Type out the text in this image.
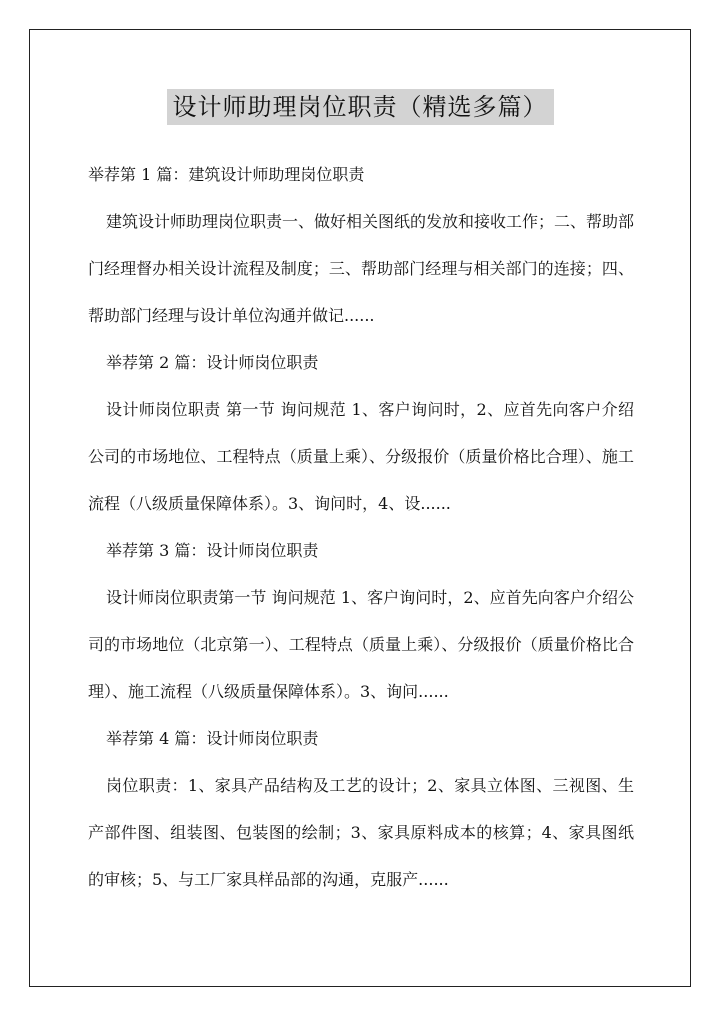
设计师助理岗位职责（精选多篇）

举荐第 1 篇：建筑设计师助理岗位职责

建筑设计师助理岗位职责一、做好相关图纸的发放和接收工作；二、帮助部门经理督办相关设计流程及制度；三、帮助部门经理与相关部门的连接；四、帮助部门经理与设计单位沟通并做记......

举荐第 2 篇：设计师岗位职责

设计师岗位职责 第一节 询问规范 1、客户询问时，2、应首先向客户介绍公司的市场地位、工程特点（质量上乘）、分级报价（质量价格比合理）、施工流程（八级质量保障体系）。3、询问时，4、设......

举荐第 3 篇：设计师岗位职责

设计师岗位职责第一节 询问规范 1、客户询问时，2、应首先向客户介绍公司的市场地位（北京第一）、工程特点（质量上乘）、分级报价（质量价格比合理）、施工流程（八级质量保障体系）。3、询问......

举荐第 4 篇：设计师岗位职责

岗位职责：1、家具产品结构及工艺的设计；2、家具立体图、三视图、生产部件图、组装图、包装图的绘制；3、家具原料成本的核算；4、家具图纸的审核；5、与工厂家具样品部的沟通，克服产......
